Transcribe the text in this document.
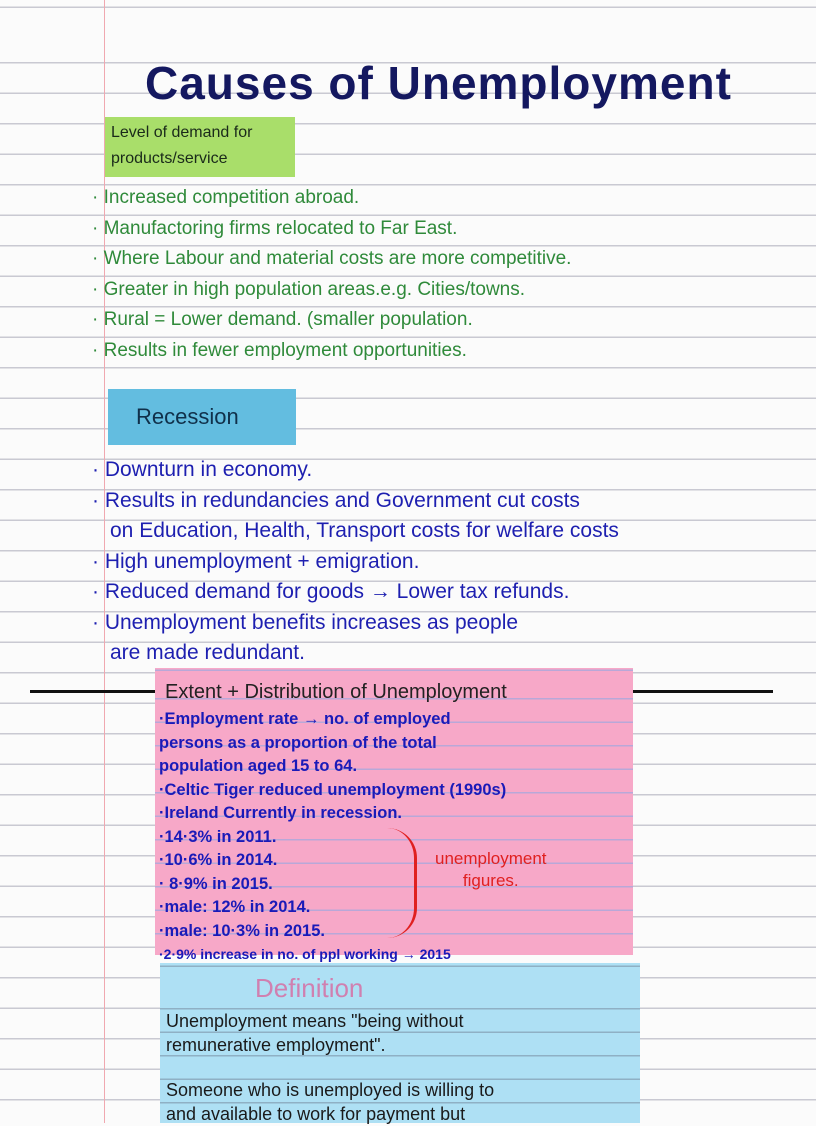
Causes of Unemployment
Level of demand for products/service
· Increased competition abroad.
· Manufactoring firms relocated to Far East.
· Where Labour and material costs are more competitive.
· Greater in high population areas.e.g. Cities/towns.
· Rural = Lower demand. (smaller population.
· Results in fewer employment opportunities.
Recession
· Downturn in economy.
· Results in redundancies and Government cut costs
on Education, Health, Transport costs for welfare costs
· High unemployment + emigration.
· Reduced demand for goods → Lower tax refunds.
· Unemployment benefits increases as people
are made redundant.
Extent + Distribution of Unemployment
·Employment rate → no. of employed
persons as a proportion of the total
population aged 15 to 64.
·Celtic Tiger reduced unemployment (1990s)
·Ireland Currently in recession.
·14·3% in 2011.
·10·6% in 2014.
· 8·9% in 2015.
·male: 12% in 2014.
·male: 10·3% in 2015.
·2·9% increase in no. of ppl working → 2015
unemployment
figures.
Definition

Unemployment means "being without

remunerative employment".

Someone who is unemployed is willing to

and available to work for payment but
